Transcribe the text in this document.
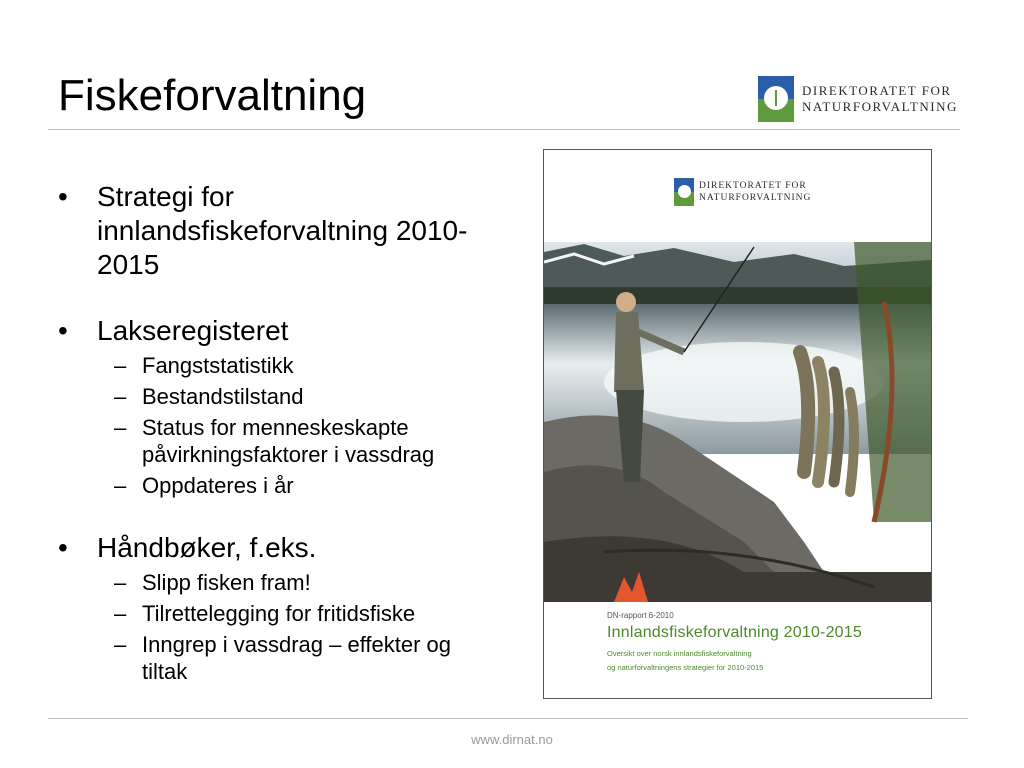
Fiskeforvaltning	DIREKTORATET FOR
NATURFORVALTNING
• Strategi for innlandsfiskeforvaltning 2010-2015
• Lakseregisteret
– Fangststatistikk
– Bestandstilstand
– Status for menneskeskapte påvirkningsfaktorer i vassdrag
– Oppdateres i år
• Håndbøker, f.eks.
– Slipp fisken fram!
– Tilrettelegging for fritidsfiske
– Inngrep i vassdrag – effekter og tiltak
DIREKTORATET FOR
NATURFORVALTNING
DN-rapport 6-2010
Innlandsfiskeforvaltning 2010-2015
Oversikt over norsk innlandsfiskeforvaltning
og naturforvaltningens strategier for 2010-2015
www.dirnat.no
